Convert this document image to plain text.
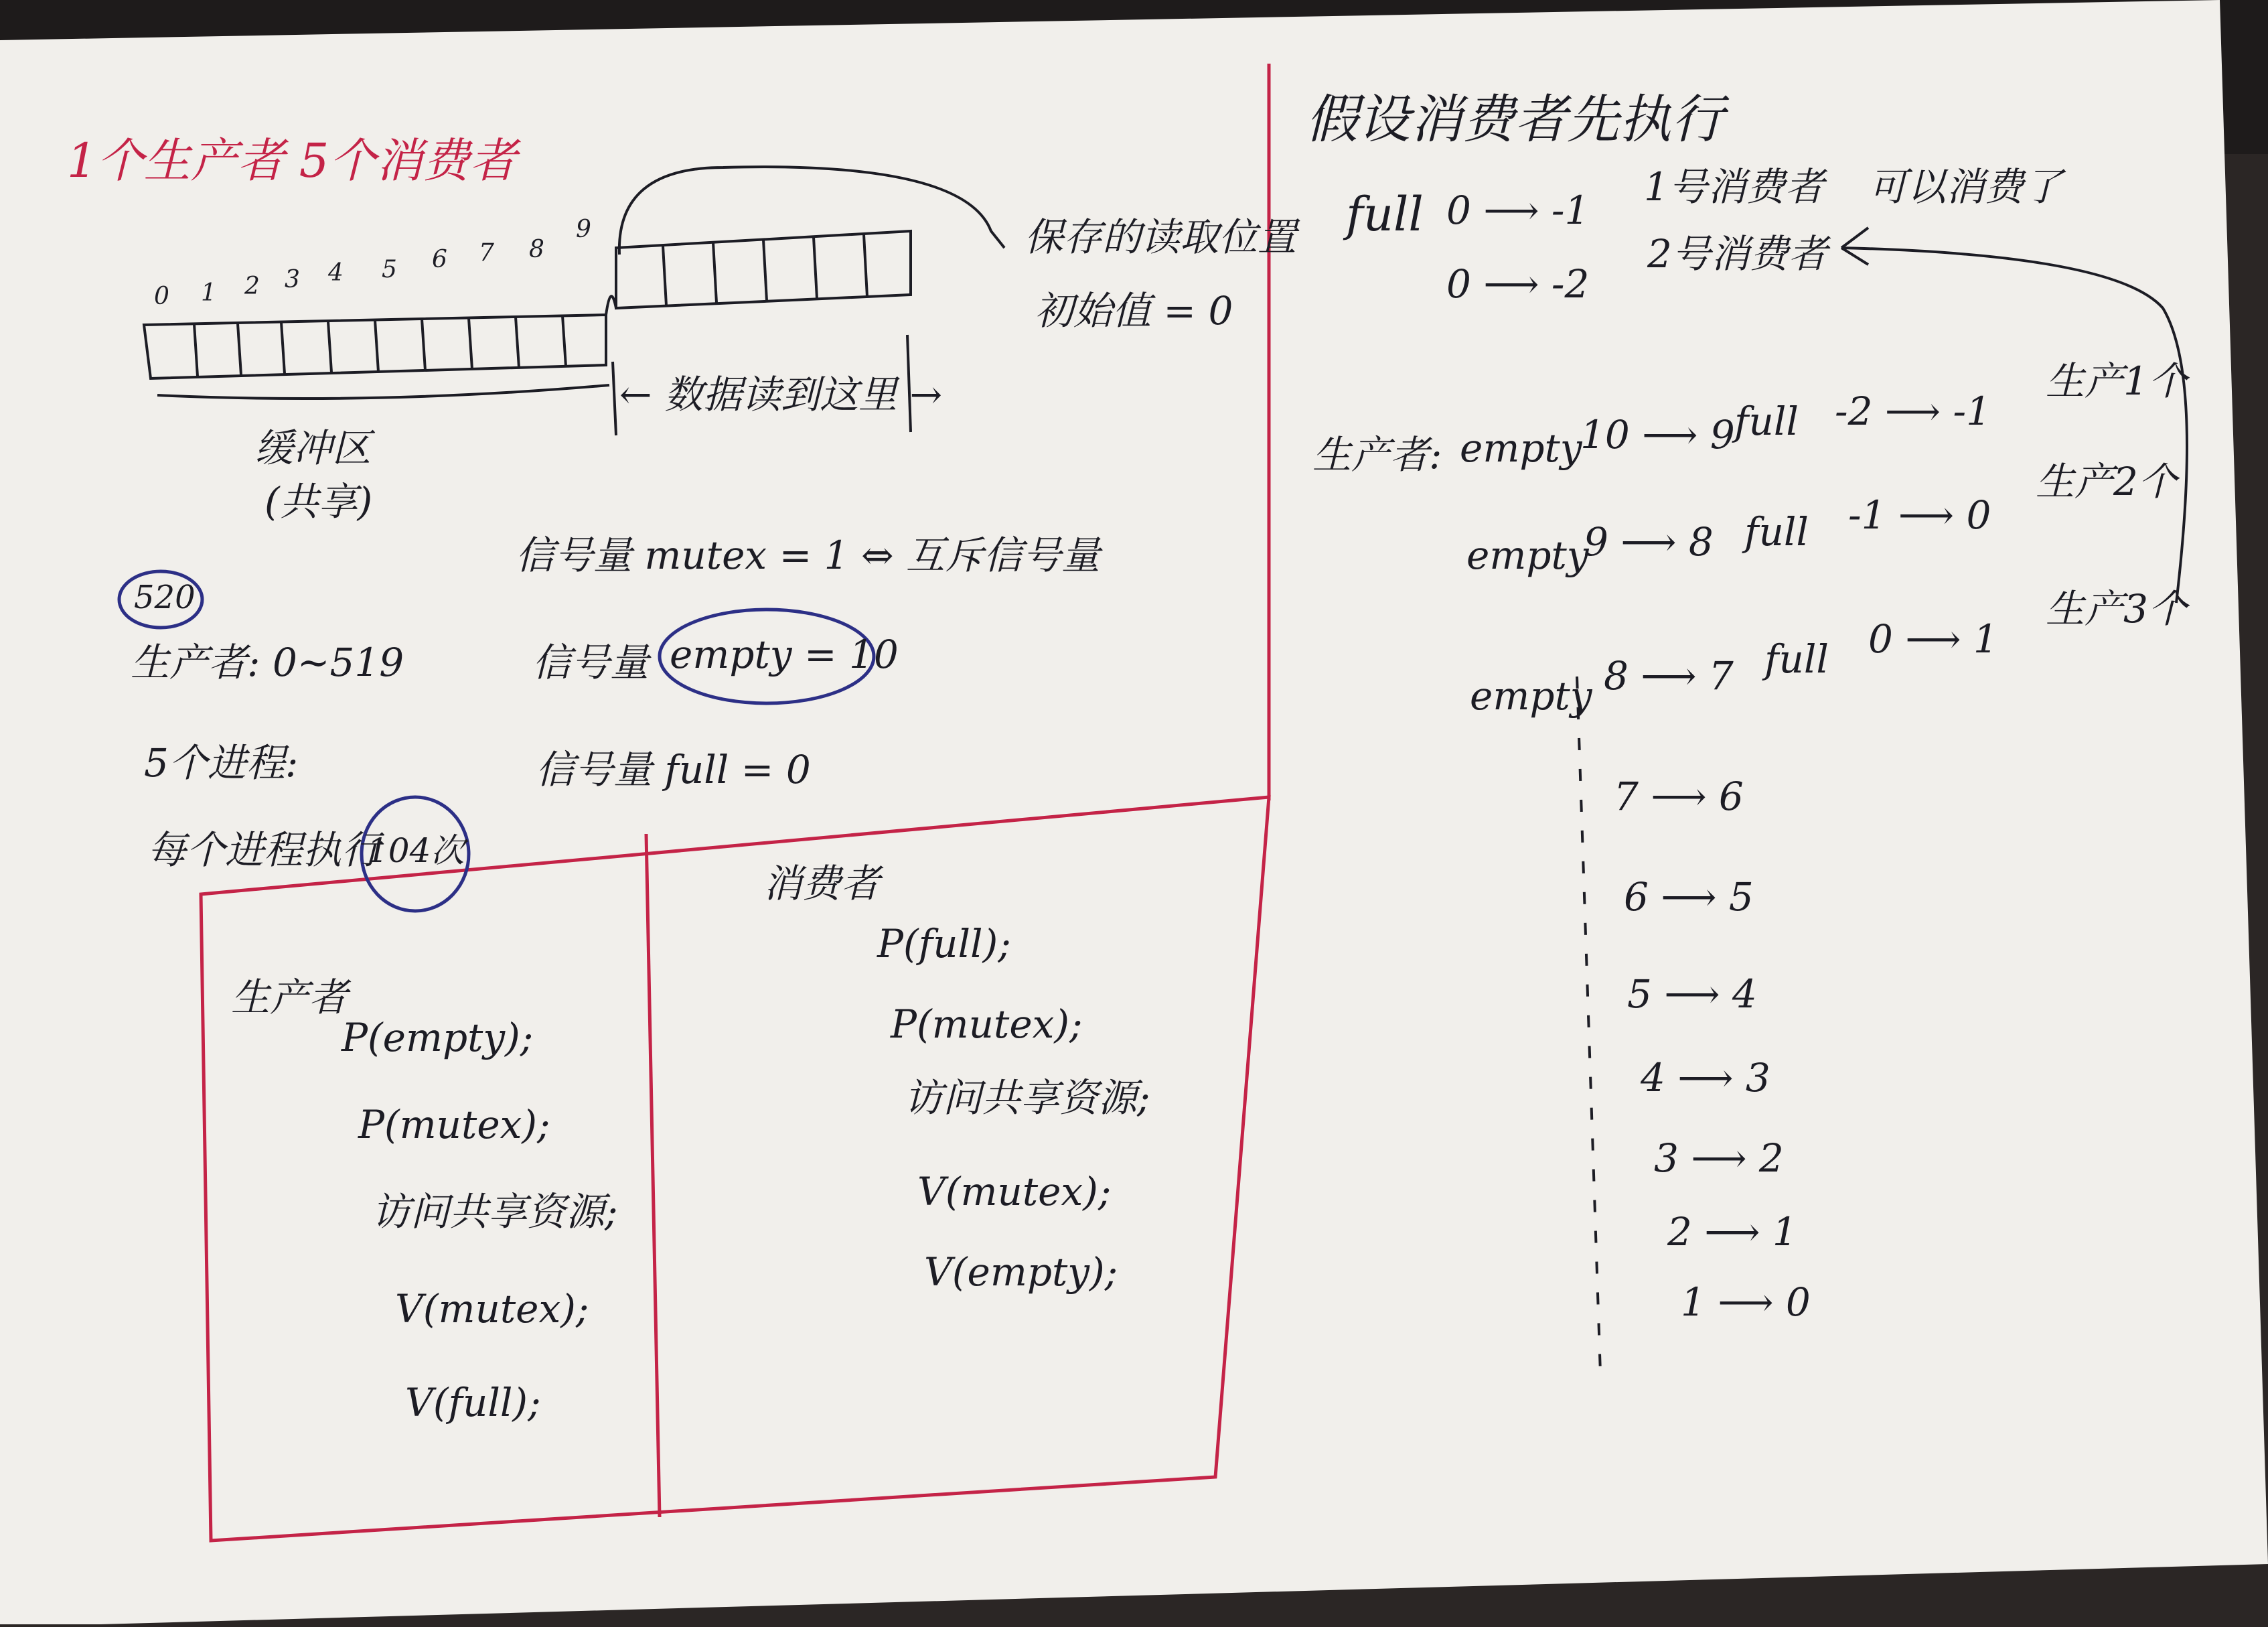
1个生产者 5个消费者
0 1 2 3 4 5 6 7 8
9
缓冲区
(共享)
← 数据读到这里 →
保存的读取位置
初始值 = 0
520
生产者: 0~519
5个进程:
每个进程执行
104次
信号量 mutex = 1 ⇔ 互斥信号量
信号量 empty = 10
信号量 full = 0
生产者
P(empty);
P(mutex);
访问共享资源;
V(mutex);
V(full);
消费者
P(full);
P(mutex);
访问共享资源;
V(mutex);
V(empty);
假设消费者先执行
full 0 ⟶ -1
0 ⟶ -2
1号消费者
2号消费者
可以消费了
生产者: empty
10 ⟶ 9 full -2 ⟶ -1
生产1个
empty
9 ⟶ 8 full -1 ⟶ 0
生产2个
empty 8 ⟶ 7 full 0 ⟶ 1
生产3个
7 ⟶ 6
6 ⟶ 5
5 ⟶ 4
4 ⟶ 3
3 ⟶ 2
2 ⟶ 1
1 ⟶ 0
